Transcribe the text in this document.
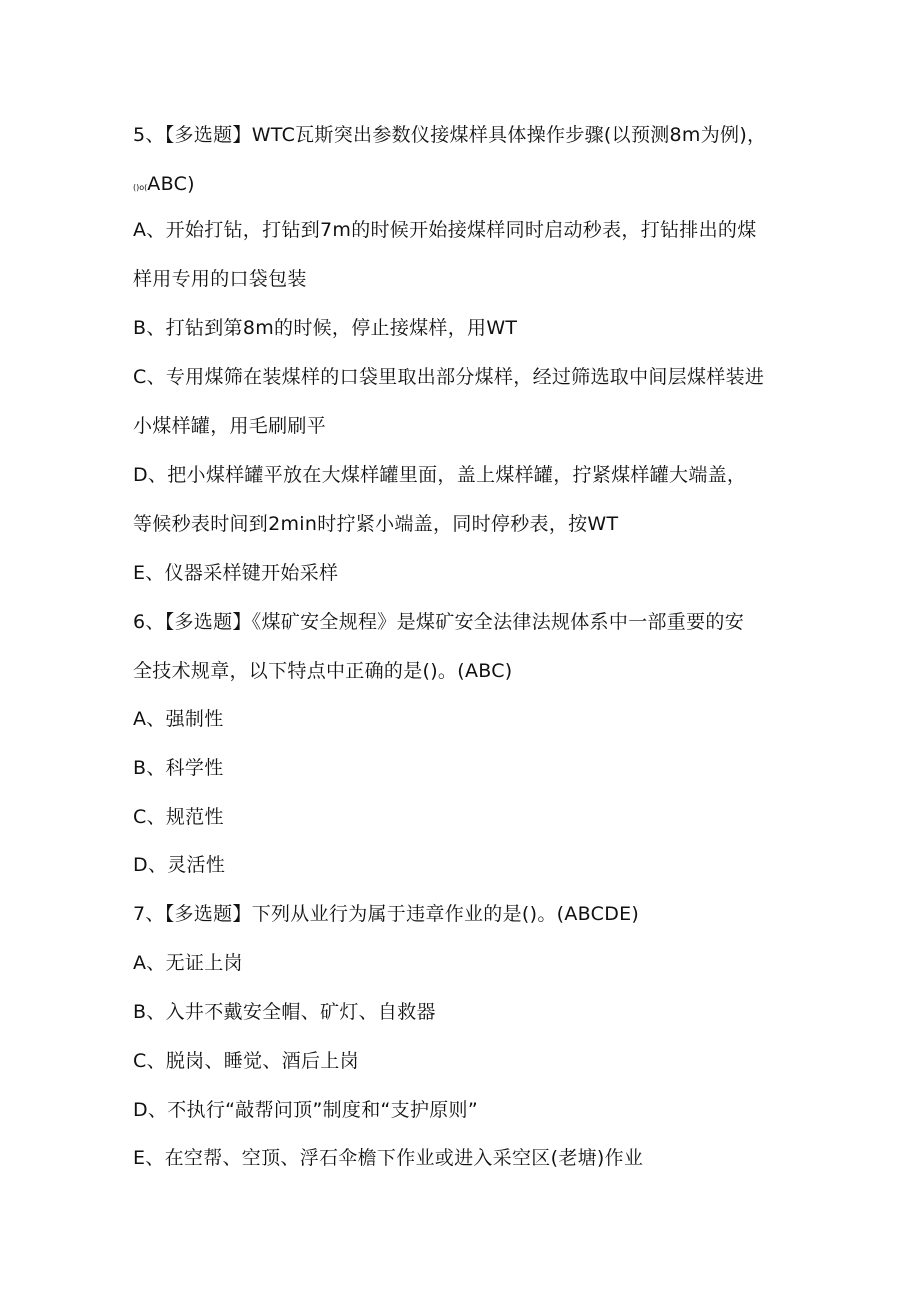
5、【多选题】WTC瓦斯突出参数仪接煤样具体操作步骤(以预测8m为例)，
()o(ABC)
A、开始打钻，打钻到7m的时候开始接煤样同时启动秒表，打钻排出的煤
样用专用的口袋包装
B、打钻到第8m的时候，停止接煤样，用WT
C、专用煤筛在装煤样的口袋里取出部分煤样，经过筛选取中间层煤样装进
小煤样罐，用毛刷刷平
D、把小煤样罐平放在大煤样罐里面，盖上煤样罐，拧紧煤样罐大端盖，
等候秒表时间到2min时拧紧小端盖，同时停秒表，按WT
E、仪器采样键开始采样
6、【多选题】《煤矿安全规程》是煤矿安全法律法规体系中一部重要的安
全技术规章，以下特点中正确的是()。(ABC)
A、强制性
B、科学性
C、规范性
D、灵活性
7、【多选题】下列从业行为属于违章作业的是()。(ABCDE)
A、无证上岗
B、入井不戴安全帽、矿灯、自救器
C、脱岗、睡觉、酒后上岗
D、不执行“敲帮问顶”制度和“支护原则”
E、在空帮、空顶、浮石伞檐下作业或进入采空区(老塘)作业
